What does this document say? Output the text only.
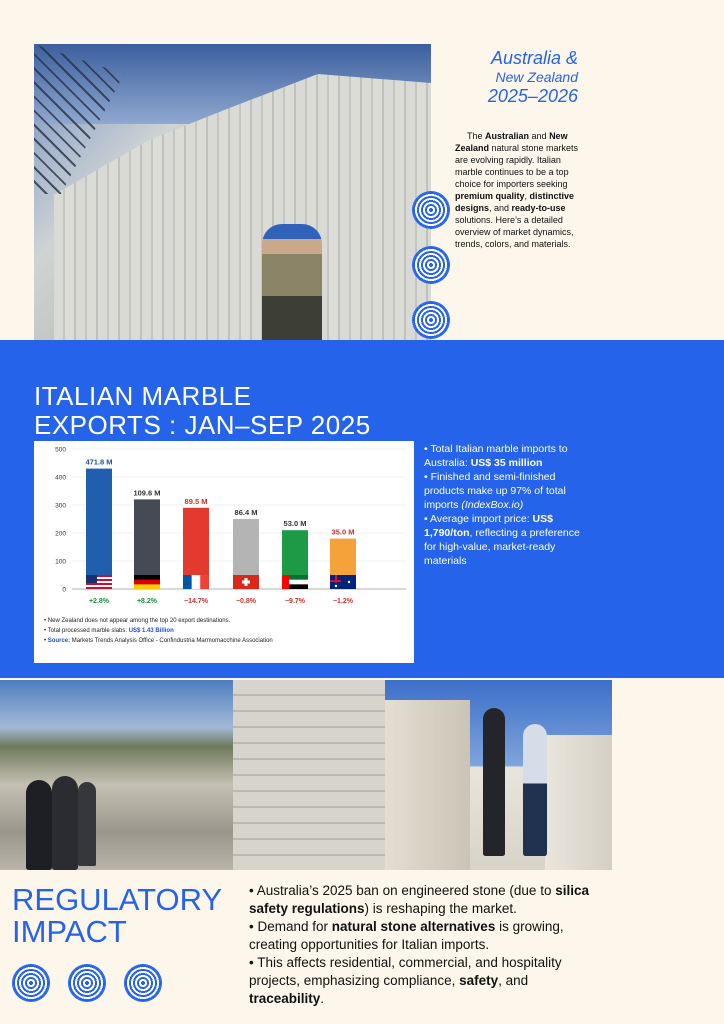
Australia &
New Zealand
2025–2026
The Australian and New Zealand natural stone markets are evolving rapidly. Italian marble continues to be a top choice for importers seeking premium quality, distinctive designs, and ready-to-use solutions. Here’s a detailed overview of market dynamics, trends, colors, and materials.
ITALIAN MARBLE
EXPORTS : JAN–SEP 2025
500
400
300
200
100
0
471.8 M
+2.8%
109.6 M
+8.2%
89.5 M
−14.7%
86.4 M
−0.8%
53.0 M
−9.7%
35.0 M
−1.2%
• New Zealand does not appear among the top 20 export destinations.
• Total processed marble slabs: US$ 1.43 Billion
• Source: Markets Trends Analysis Office - Confindustria Marmomacchine Association
• Total Italian marble imports to Australia: US$ 35 million
• Finished and semi-finished products make up 97% of total imports (IndexBox.io)
• Average import price: US$ 1,790/ton, reflecting a preference for high-value, market-ready materials
REGULATORY
IMPACT
• Australia’s 2025 ban on engineered stone (due to silica safety regulations) is reshaping the market.
• Demand for natural stone alternatives is growing, creating opportunities for Italian imports.
• This affects residential, commercial, and hospitality projects, emphasizing compliance, safety, and traceability.
